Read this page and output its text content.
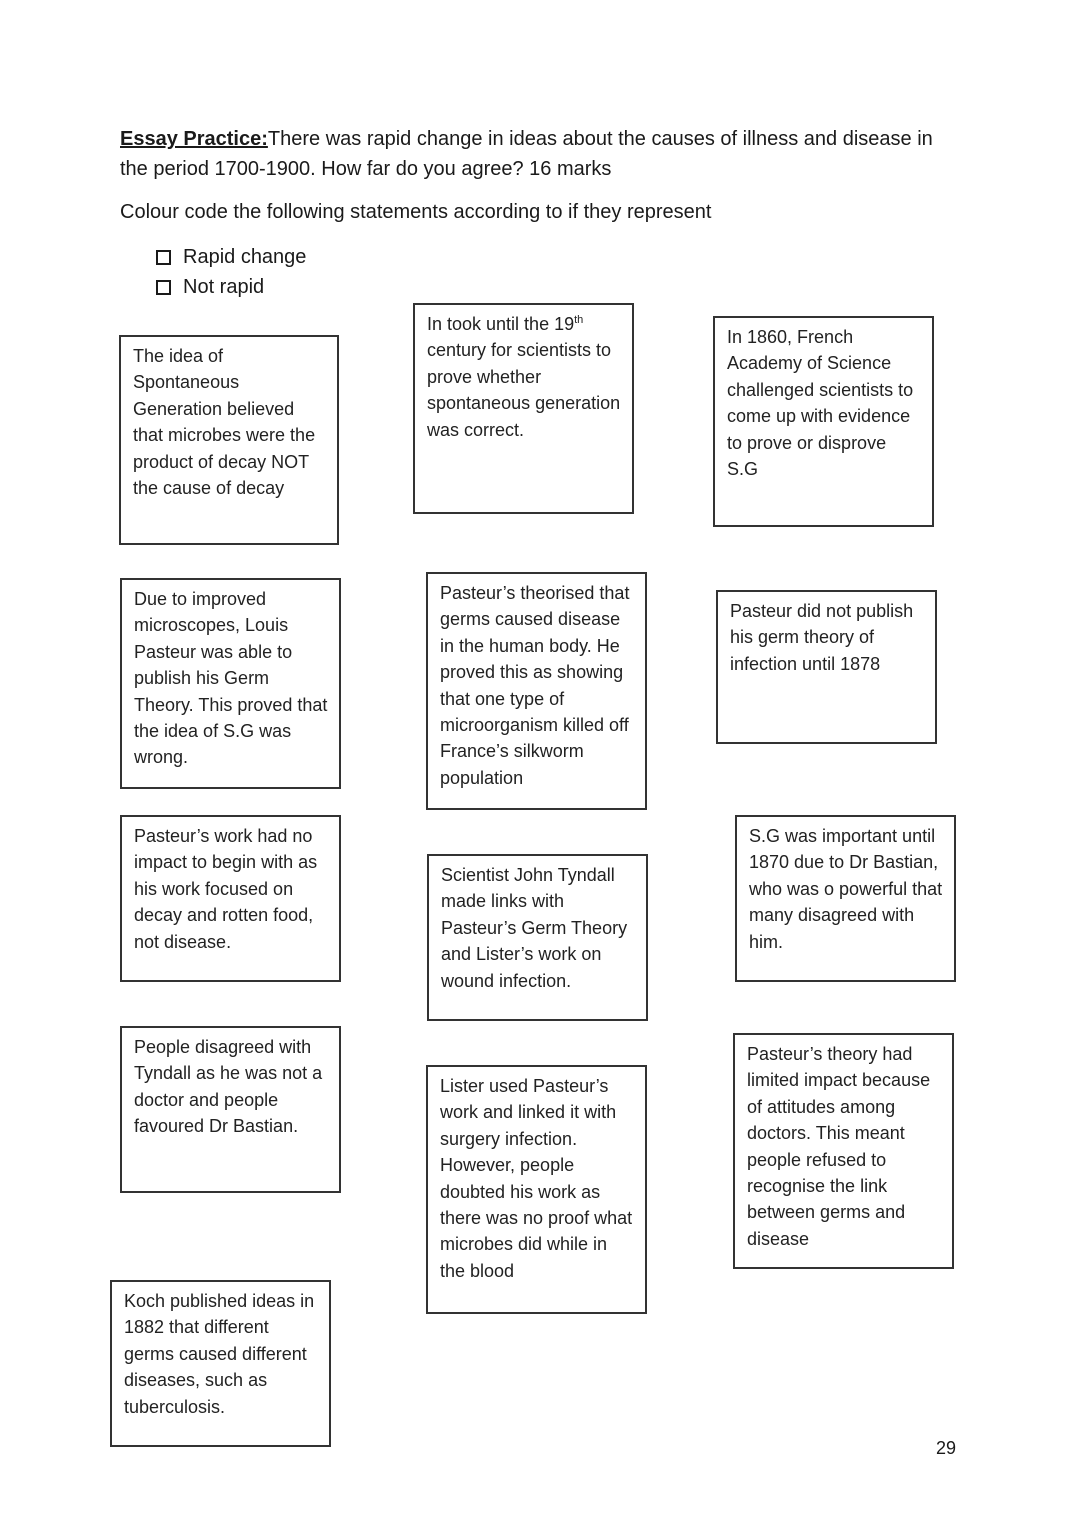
Essay Practice:There was rapid change in ideas about the causes of illness and disease in the period 1700-1900. How far do you agree? 16 marks
Colour code the following statements according to if they represent
Rapid change
Not rapid
The idea of Spontaneous Generation believed that microbes were the product of decay NOT the cause of decay
Due to improved microscopes, Louis Pasteur was able to publish his Germ Theory. This proved that the idea of S.G was wrong.
Pasteur’s work had no impact to begin with as his work focused on decay and rotten food, not disease.
People disagreed with Tyndall as he was not a doctor and people favoured Dr Bastian.
Koch published ideas in 1882 that different germs caused different diseases, such as tuberculosis.
In took until the 19th century for scientists to prove whether spontaneous generation was correct.
Pasteur’s theorised that germs caused disease in the human body. He proved this as showing that one type of microorganism killed off France’s silkworm population
Scientist John Tyndall made links with Pasteur’s Germ Theory and Lister’s work on wound infection.
Lister used Pasteur’s work and linked it with surgery infection. However, people doubted his work as there was no proof what microbes did while in the blood
In 1860, French Academy of Science challenged scientists to come up with evidence to prove or disprove S.G
Pasteur did not publish his germ theory of infection until 1878
S.G was important until 1870 due to Dr Bastian, who was o powerful that many disagreed with him.
Pasteur’s theory had limited impact because of attitudes among doctors. This meant people refused to recognise the link between germs and disease
29
